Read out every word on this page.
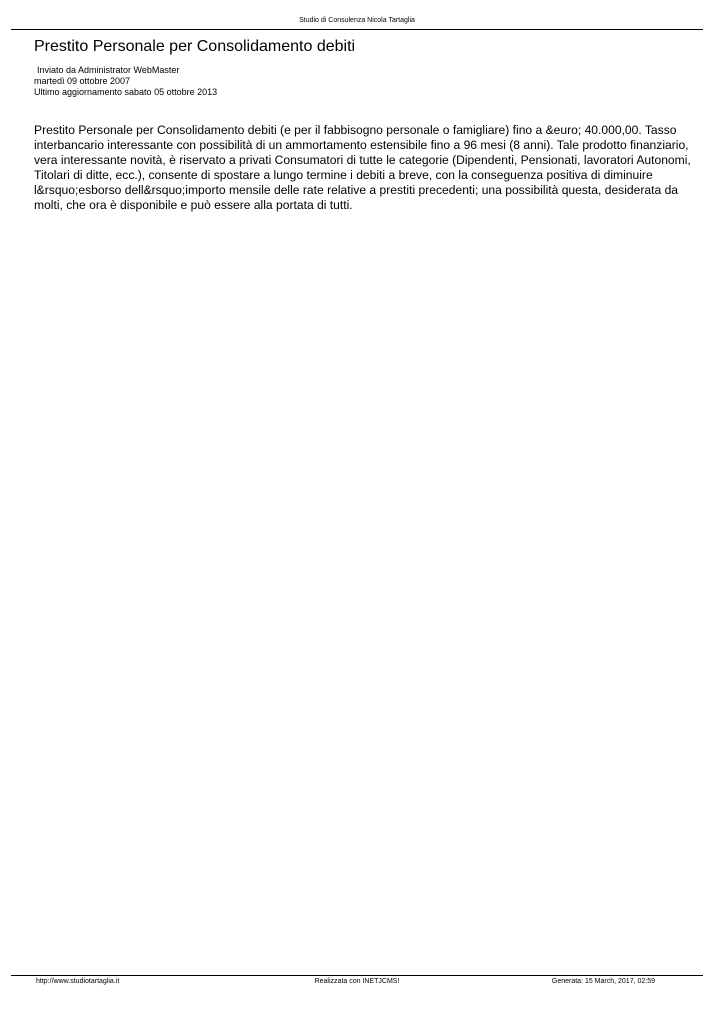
Studio di Consulenza Nicola Tartaglia
Prestito Personale per Consolidamento debiti
Inviato da Administrator WebMaster
martedì 09 ottobre 2007
Ultimo aggiornamento sabato 05 ottobre 2013

Prestito Personale per Consolidamento debiti (e per il fabbisogno personale o famigliare) fino a &euro; 40.000,00. Tasso interbancario interessante con possibilità di un ammortamento estensibile fino a 96 mesi (8 anni). Tale prodotto finanziario, vera interessante novità, è riservato a privati Consumatori di tutte le categorie (Dipendenti, Pensionati, lavoratori Autonomi, Titolari di ditte, ecc.), consente di spostare a lungo termine i debiti a breve, con la conseguenza positiva di diminuire l&rsquo;esborso dell&rsquo;importo mensile delle rate relative a prestiti precedenti; una possibilità questa, desiderata da molti, che ora è disponibile e può essere alla portata di tutti.

http://www.studiotartaglia.it	Realizzata con INETJCMS!	Generata: 15 March, 2017, 02:59
